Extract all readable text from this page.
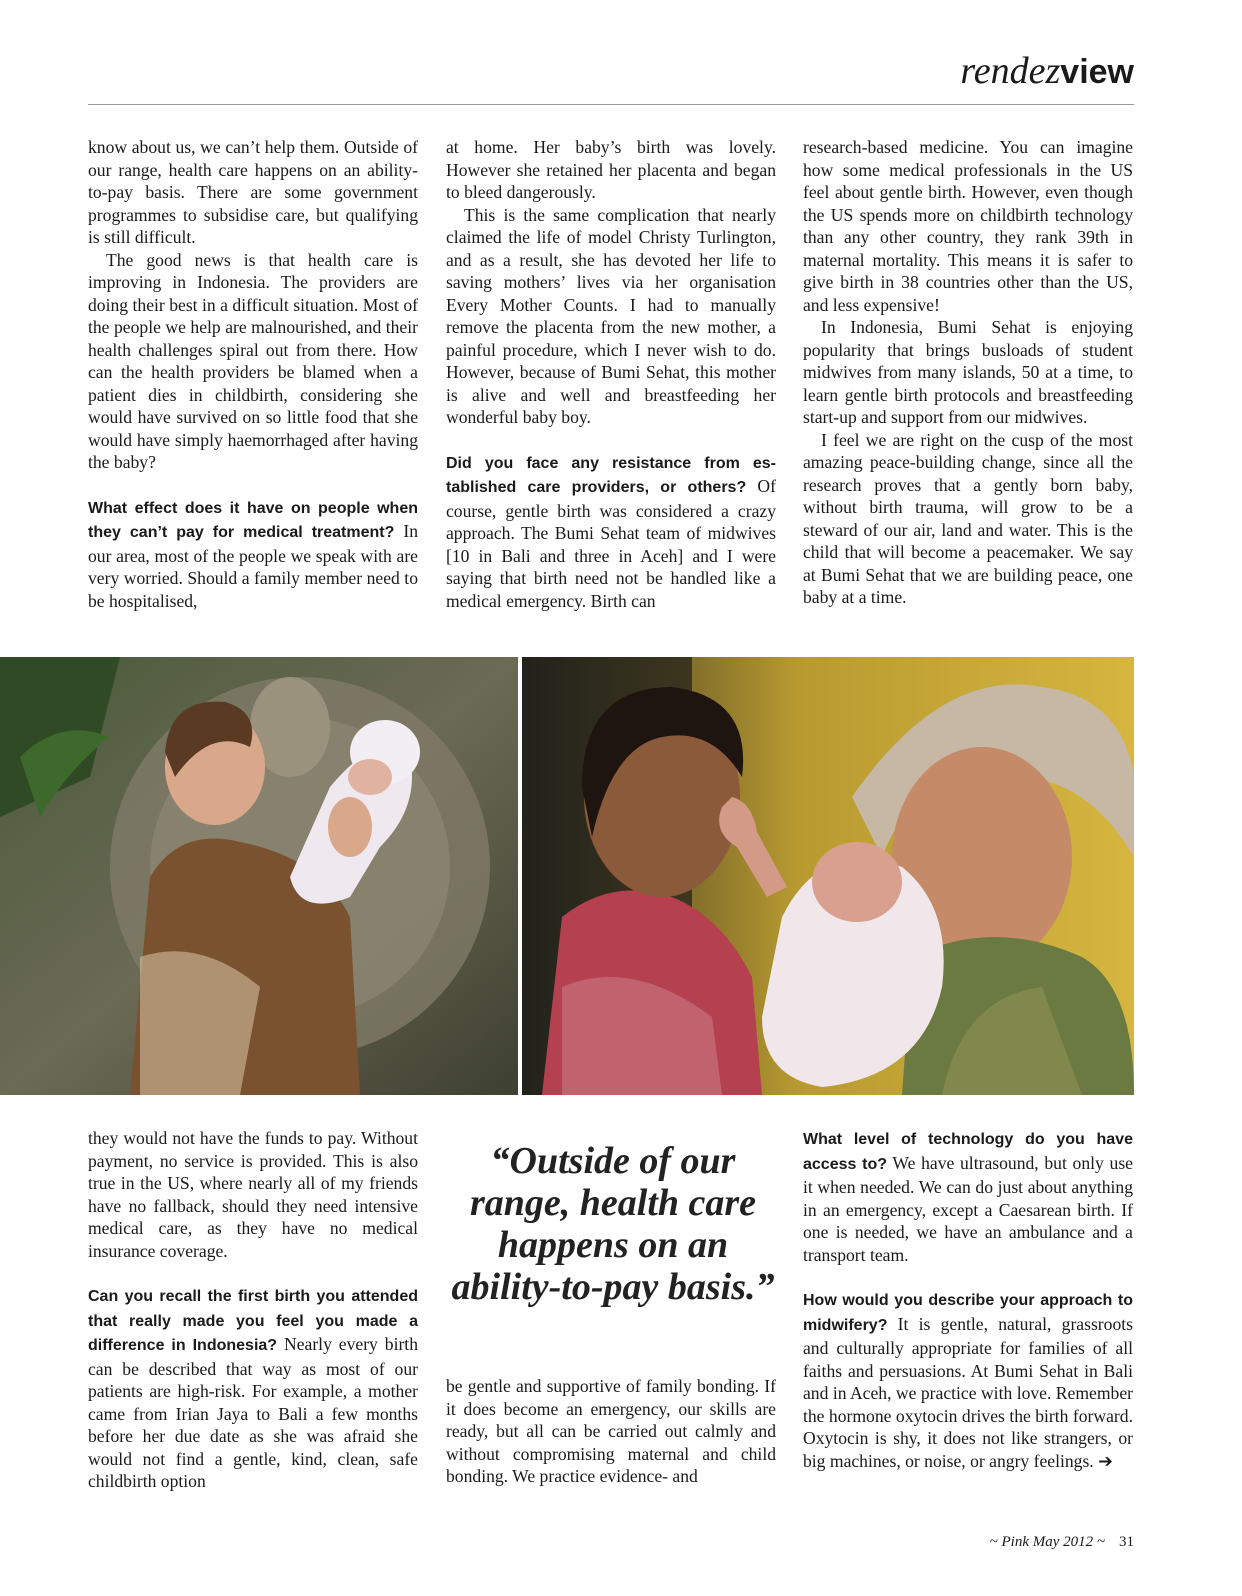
rendezview

know about us, we can’t help them. Outside of our range, health care happens on an ability-to-pay basis. There are some government programmes to subsidise care, but qualifying is still difficult.

The good news is that health care is improving in Indonesia. The providers are doing their best in a difficult situation. Most of the people we help are malnourished, and their health challenges spiral out from there. How can the health providers be blamed when a patient dies in childbirth, considering she would have survived on so little food that she would have simply haemorrhaged after having the baby?

What effect does it have on people when they can’t pay for medical treatment? In our area, most of the people we speak with are very worried. Should a family member need to be hospitalised,

at home. Her baby’s birth was lovely. However she retained her placenta and began to bleed dangerously.

This is the same complication that nearly claimed the life of model Christy Turlington, and as a result, she has devoted her life to saving mothers’ lives via her organisation Every Mother Counts. I had to manually remove the placenta from the new mother, a painful procedure, which I never wish to do. However, because of Bumi Sehat, this mother is alive and well and breastfeeding her wonderful baby boy.

Did you face any resistance from established care providers, or others? Of course, gentle birth was considered a crazy approach. The Bumi Sehat team of midwives [10 in Bali and three in Aceh] and I were saying that birth need not be handled like a medical emergency. Birth can

research-based medicine. You can imagine how some medical professionals in the US feel about gentle birth. However, even though the US spends more on childbirth technology than any other country, they rank 39th in maternal mortality. This means it is safer to give birth in 38 countries other than the US, and less expensive!

In Indonesia, Bumi Sehat is enjoying popularity that brings busloads of student midwives from many islands, 50 at a time, to learn gentle birth protocols and breastfeeding start-up and support from our midwives.

I feel we are right on the cusp of the most amazing peace-building change, since all the research proves that a gently born baby, without birth trauma, will grow to be a steward of our air, land and water. This is the child that will become a peacemaker. We say at Bumi Sehat that we are building peace, one baby at a time.

they would not have the funds to pay. Without payment, no service is provided. This is also true in the US, where nearly all of my friends have no fallback, should they need intensive medical care, as they have no medical insurance coverage.

Can you recall the first birth you attended that really made you feel you made a difference in Indonesia? Nearly every birth can be described that way as most of our patients are high-risk. For example, a mother came from Irian Jaya to Bali a few months before her due date as she was afraid she would not find a gentle, kind, clean, safe childbirth option

“Outside of our range, health care happens on an ability-to-pay basis.”

be gentle and supportive of family bonding. If it does become an emergency, our skills are ready, but all can be carried out calmly and without compromising maternal and child bonding. We practice evidence- and

What level of technology do you have access to? We have ultrasound, but only use it when needed. We can do just about anything in an emergency, except a Caesarean birth. If one is needed, we have an ambulance and a transport team.

How would you describe your approach to midwifery? It is gentle, natural, grassroots and culturally appropriate for families of all faiths and persuasions. At Bumi Sehat in Bali and in Aceh, we practice with love. Remember the hormone oxytocin drives the birth forward. Oxytocin is shy, it does not like strangers, or big machines, or noise, or angry feelings. ➔

~ Pink May 2012 ~ 31
